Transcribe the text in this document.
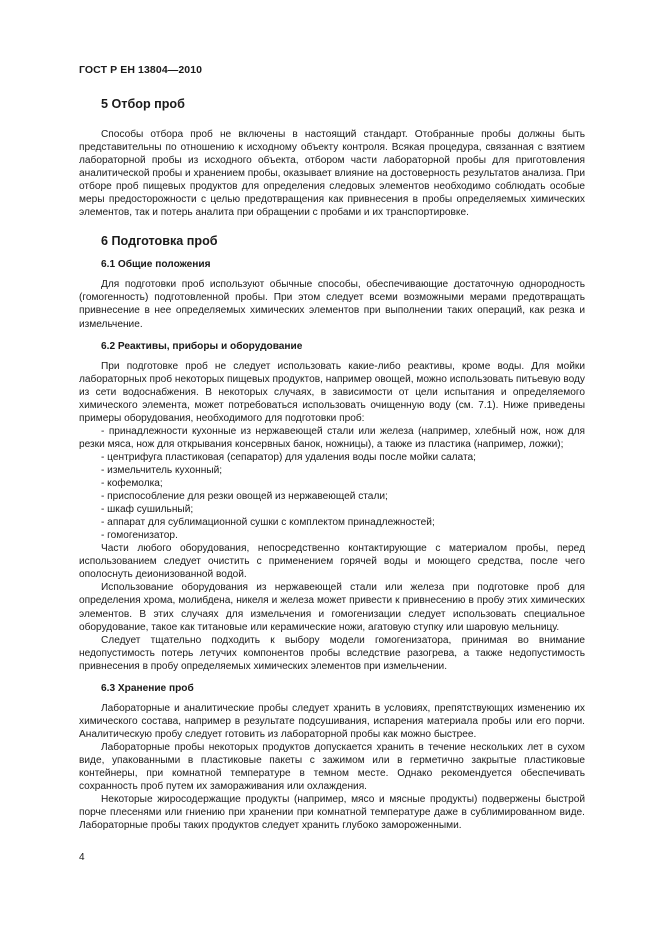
ГОСТ Р ЕН 13804—2010
5 Отбор проб

Способы отбора проб не включены в настоящий стандарт. Отобранные пробы должны быть представительны по отношению к исходному объекту контроля. Всякая процедура, связанная с взятием лабораторной пробы из исходного объекта, отбором части лабораторной пробы для приготовления аналитической пробы и хранением пробы, оказывает влияние на достоверность результатов анализа. При отборе проб пищевых продуктов для определения следовых элементов необходимо соблюдать особые меры предосторожности с целью предотвращения как привнесения в пробы определяемых химических элементов, так и потерь аналита при обращении с пробами и их транспортировке.

6 Подготовка проб
6.1 Общие положения

Для подготовки проб используют обычные способы, обеспечивающие достаточную однородность (гомогенность) подготовленной пробы. При этом следует всеми возможными мерами предотвращать привнесение в нее определяемых химических элементов при выполнении таких операций, как резка и измельчение.

6.2 Реактивы, приборы и оборудование

При подготовке проб не следует использовать какие-либо реактивы, кроме воды. Для мойки лабораторных проб некоторых пищевых продуктов, например овощей, можно использовать питьевую воду из сети водоснабжения. В некоторых случаях, в зависимости от цели испытания и определяемого химического элемента, может потребоваться использовать очищенную воду (см. 7.1). Ниже приведены примеры оборудования, необходимого для подготовки проб:

- принадлежности кухонные из нержавеющей стали или железа (например, хлебный нож, нож для резки мяса, нож для открывания консервных банок, ножницы), а также из пластика (например, ложки);

- центрифуга пластиковая (сепаратор) для удаления воды после мойки салата;

- измельчитель кухонный;

- кофемолка;

- приспособление для резки овощей из нержавеющей стали;

- шкаф сушильный;

- аппарат для сублимационной сушки с комплектом принадлежностей;

- гомогенизатор.

Части любого оборудования, непосредственно контактирующие с материалом пробы, перед использованием следует очистить с применением горячей воды и моющего средства, после чего ополоснуть деионизованной водой.

Использование оборудования из нержавеющей стали или железа при подготовке проб для определения хрома, молибдена, никеля и железа может привести к привнесению в пробу этих химических элементов. В этих случаях для измельчения и гомогенизации следует использовать специальное оборудование, такое как титановые или керамические ножи, агатовую ступку или шаровую мельницу.

Следует тщательно подходить к выбору модели гомогенизатора, принимая во внимание недопустимость потерь летучих компонентов пробы вследствие разогрева, а также недопустимость привнесения в пробу определяемых химических элементов при измельчении.

6.3 Хранение проб

Лабораторные и аналитические пробы следует хранить в условиях, препятствующих изменению их химического состава, например в результате подсушивания, испарения материала пробы или его порчи. Аналитическую пробу следует готовить из лабораторной пробы как можно быстрее.

Лабораторные пробы некоторых продуктов допускается хранить в течение нескольких лет в сухом виде, упакованными в пластиковые пакеты с зажимом или в герметично закрытые пластиковые контейнеры, при комнатной температуре в темном месте. Однако рекомендуется обеспечивать сохранность проб путем их замораживания или охлаждения.

Некоторые жиросодержащие продукты (например, мясо и мясные продукты) подвержены быстрой порче плесенями или гниению при хранении при комнатной температуре даже в сублимированном виде. Лабораторные пробы таких продуктов следует хранить глубоко замороженными.

4
